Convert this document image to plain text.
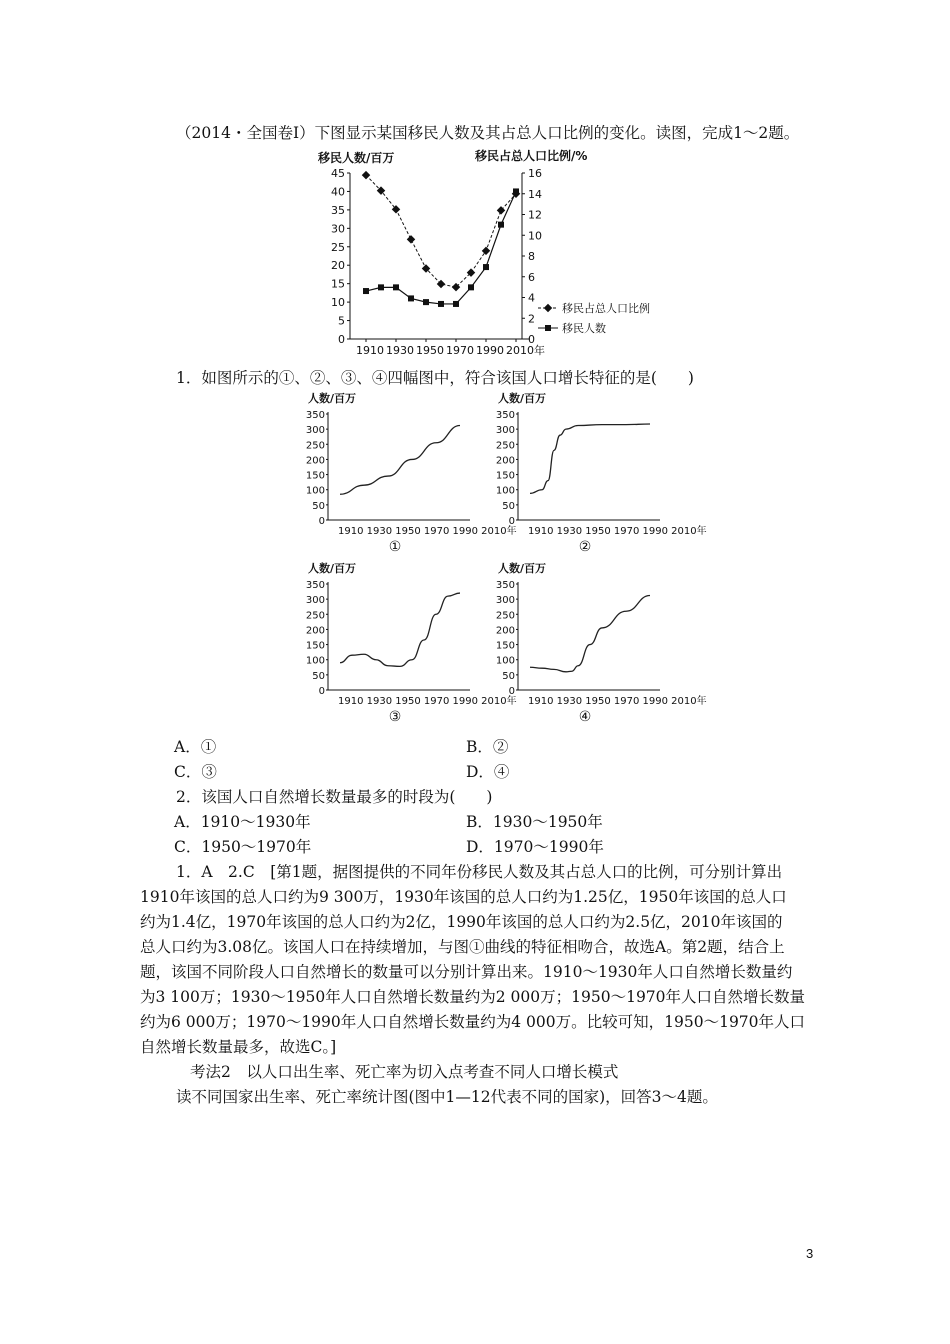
（2014・全国卷Ⅰ）下图显示某国移民人数及其占总人口比例的变化。读图，完成1～2题。
移民人数/百万	移民占总人口比例/%
0
5
10
15
20
25
30
35
40
45
0
2
4
6
8
10
12
14
16
1910 1930 1950 1970 1990 2010年
移民占总人口比例
移民人数
1．如图所示的①、②、③、④四幅图中，符合该国人口增长特征的是(　　)
人数/百万
0
50
100
150
200
250
300
350
1910 1930 1950 1970 1990 2010年
①
人数/百万
0
50
100
150
200
250
300
350
1910 1930 1950 1970 1990 2010年
②
人数/百万
0
50
100
150
200
250
300
350
1910 1930 1950 1970 1990 2010年
③
人数/百万
0
50
100
150
200
250
300
350
1910 1930 1950 1970 1990 2010年
④
A．①	B．②
C．③	D．④
2．该国人口自然增长数量最多的时段为(　　)
A．1910～1930年	B．1930～1950年
C．1950～1970年	D．1970～1990年
1．A　2.C　[第1题，据图提供的不同年份移民人数及其占总人口的比例，可分别计算出
1910年该国的总人口约为9 300万，1930年该国的总人口约为1.25亿，1950年该国的总人口
约为1.4亿，1970年该国的总人口约为2亿，1990年该国的总人口约为2.5亿，2010年该国的
总人口约为3.08亿。该国人口在持续增加，与图①曲线的特征相吻合，故选A。第2题，结合上
题，该国不同阶段人口自然增长的数量可以分别计算出来。1910～1930年人口自然增长数量约
为3 100万；1930～1950年人口自然增长数量约为2 000万；1950～1970年人口自然增长数量
约为6 000万；1970～1990年人口自然增长数量约为4 000万。比较可知，1950～1970年人口
自然增长数量最多，故选C。]
考法2　以人口出生率、死亡率为切入点考查不同人口增长模式
读不同国家出生率、死亡率统计图(图中1—12代表不同的国家)，回答3～4题。
3
